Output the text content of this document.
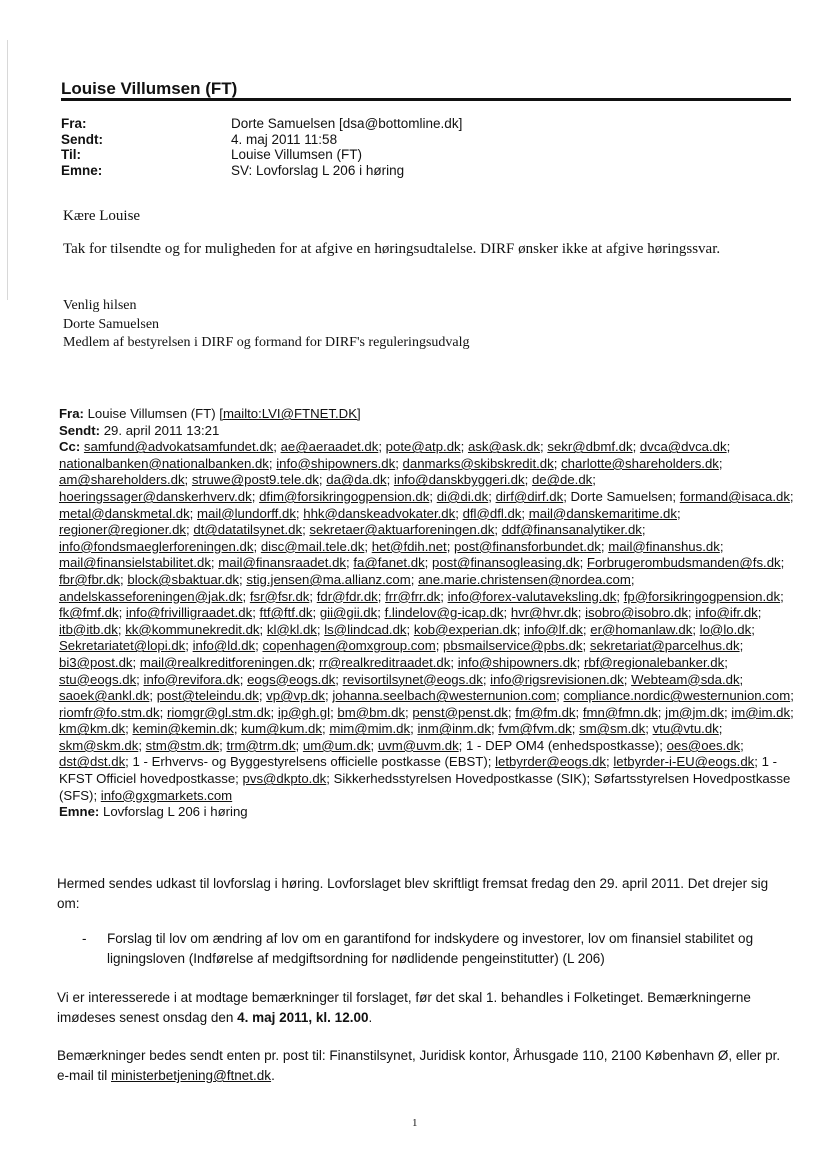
Louise Villumsen (FT)
Fra:	Dorte Samuelsen [dsa@bottomline.dk]
Sendt:	4. maj 2011 11:58
Til:	Louise Villumsen (FT)
Emne:	SV: Lovforslag L 206 i høring

Kære Louise

Tak for tilsendte og for muligheden for at afgive en høringsudtalelse. DIRF ønsker ikke at afgive høringssvar.

Venlig hilsen

Dorte Samuelsen

Medlem af bestyrelsen i DIRF og formand for DIRF's reguleringsudvalg

Fra: Louise Villumsen (FT) [mailto:LVI@FTNET.DK]
Sendt: 29. april 2011 13:21
Cc: samfund@advokatsamfundet.dk; ae@aeraadet.dk; pote@atp.dk; ask@ask.dk; sekr@dbmf.dk; dvca@dvca.dk; nationalbanken@nationalbanken.dk; info@shipowners.dk; danmarks@skibskredit.dk; charlotte@shareholders.dk; am@shareholders.dk; struwe@post9.tele.dk; da@da.dk; info@danskbyggeri.dk; de@de.dk; hoeringssager@danskerhverv.dk; dfim@forsikringogpension.dk; di@di.dk; dirf@dirf.dk; Dorte Samuelsen; formand@isaca.dk; metal@danskmetal.dk; mail@lundorff.dk; hhk@danskeadvokater.dk; dfl@dfl.dk; mail@danskemaritime.dk; regioner@regioner.dk; dt@datatilsynet.dk; sekretaer@aktuarforeningen.dk; ddf@finansanalytiker.dk; info@fondsmaeglerforeningen.dk; disc@mail.tele.dk; het@fdih.net; post@finansforbundet.dk; mail@finanshus.dk; mail@finansielstabilitet.dk; mail@finansraadet.dk; fa@fanet.dk; post@finansogleasing.dk; Forbrugerombudsmanden@fs.dk; fbr@fbr.dk; block@sbaktuar.dk; stig.jensen@ma.allianz.com; ane.marie.christensen@nordea.com; andelskasseforeningen@jak.dk; fsr@fsr.dk; fdr@fdr.dk; frr@frr.dk; info@forex-valutaveksling.dk; fp@forsikringogpension.dk; fk@fmf.dk; info@frivilligraadet.dk; ftf@ftf.dk; gii@gii.dk; f.lindelov@g-icap.dk; hvr@hvr.dk; isobro@isobro.dk; info@ifr.dk; itb@itb.dk; kk@kommunekredit.dk; kl@kl.dk; ls@lindcad.dk; kob@experian.dk; info@lf.dk; er@homanlaw.dk; lo@lo.dk; Sekretariatet@lopi.dk; info@ld.dk; copenhagen@omxgroup.com; pbsmailservice@pbs.dk; sekretariat@parcelhus.dk; bi3@post.dk; mail@realkreditforeningen.dk; rr@realkreditraadet.dk; info@shipowners.dk; rbf@regionalebanker.dk; stu@eogs.dk; info@revifora.dk; eogs@eogs.dk; revisortilsynet@eogs.dk; info@rigsrevisionen.dk; Webteam@sda.dk; saoek@ankl.dk; post@teleindu.dk; vp@vp.dk; johanna.seelbach@westernunion.com; compliance.nordic@westernunion.com; riomfr@fo.stm.dk; riomgr@gl.stm.dk; ip@gh.gl; bm@bm.dk; penst@penst.dk; fm@fm.dk; fmn@fmn.dk; jm@jm.dk; im@im.dk; km@km.dk; kemin@kemin.dk; kum@kum.dk; mim@mim.dk; inm@inm.dk; fvm@fvm.dk; sm@sm.dk; vtu@vtu.dk; skm@skm.dk; stm@stm.dk; trm@trm.dk; um@um.dk; uvm@uvm.dk; 1 - DEP OM4 (enhedspostkasse); oes@oes.dk; dst@dst.dk; 1 - Erhvervs- og Byggestyrelsens officielle postkasse (EBST); letbyrder@eogs.dk; letbyrder-i-EU@eogs.dk; 1 - KFST Officiel hovedpostkasse; pvs@dkpto.dk; Sikkerhedsstyrelsen Hovedpostkasse (SIK); Søfartsstyrelsen Hovedpostkasse (SFS); info@gxgmarkets.com
Emne: Lovforslag L 206 i høring
Hermed sendes udkast til lovforslag i høring. Lovforslaget blev skriftligt fremsat fredag den 29. april 2011. Det drejer sig om:
-	Forslag til lov om ændring af lov om en garantifond for indskydere og investorer, lov om finansiel stabilitet og ligningsloven (Indførelse af medgiftsordning for nødlidende pengeinstitutter) (L 206)
Vi er interesserede i at modtage bemærkninger til forslaget, før det skal 1. behandles i Folketinget. Bemærkningerne imødeses senest onsdag den 4. maj 2011, kl. 12.00.
Bemærkninger bedes sendt enten pr. post til: Finanstilsynet, Juridisk kontor, Århusgade 110, 2100 København Ø, eller pr. e-mail til ministerbetjening@ftnet.dk.
1
